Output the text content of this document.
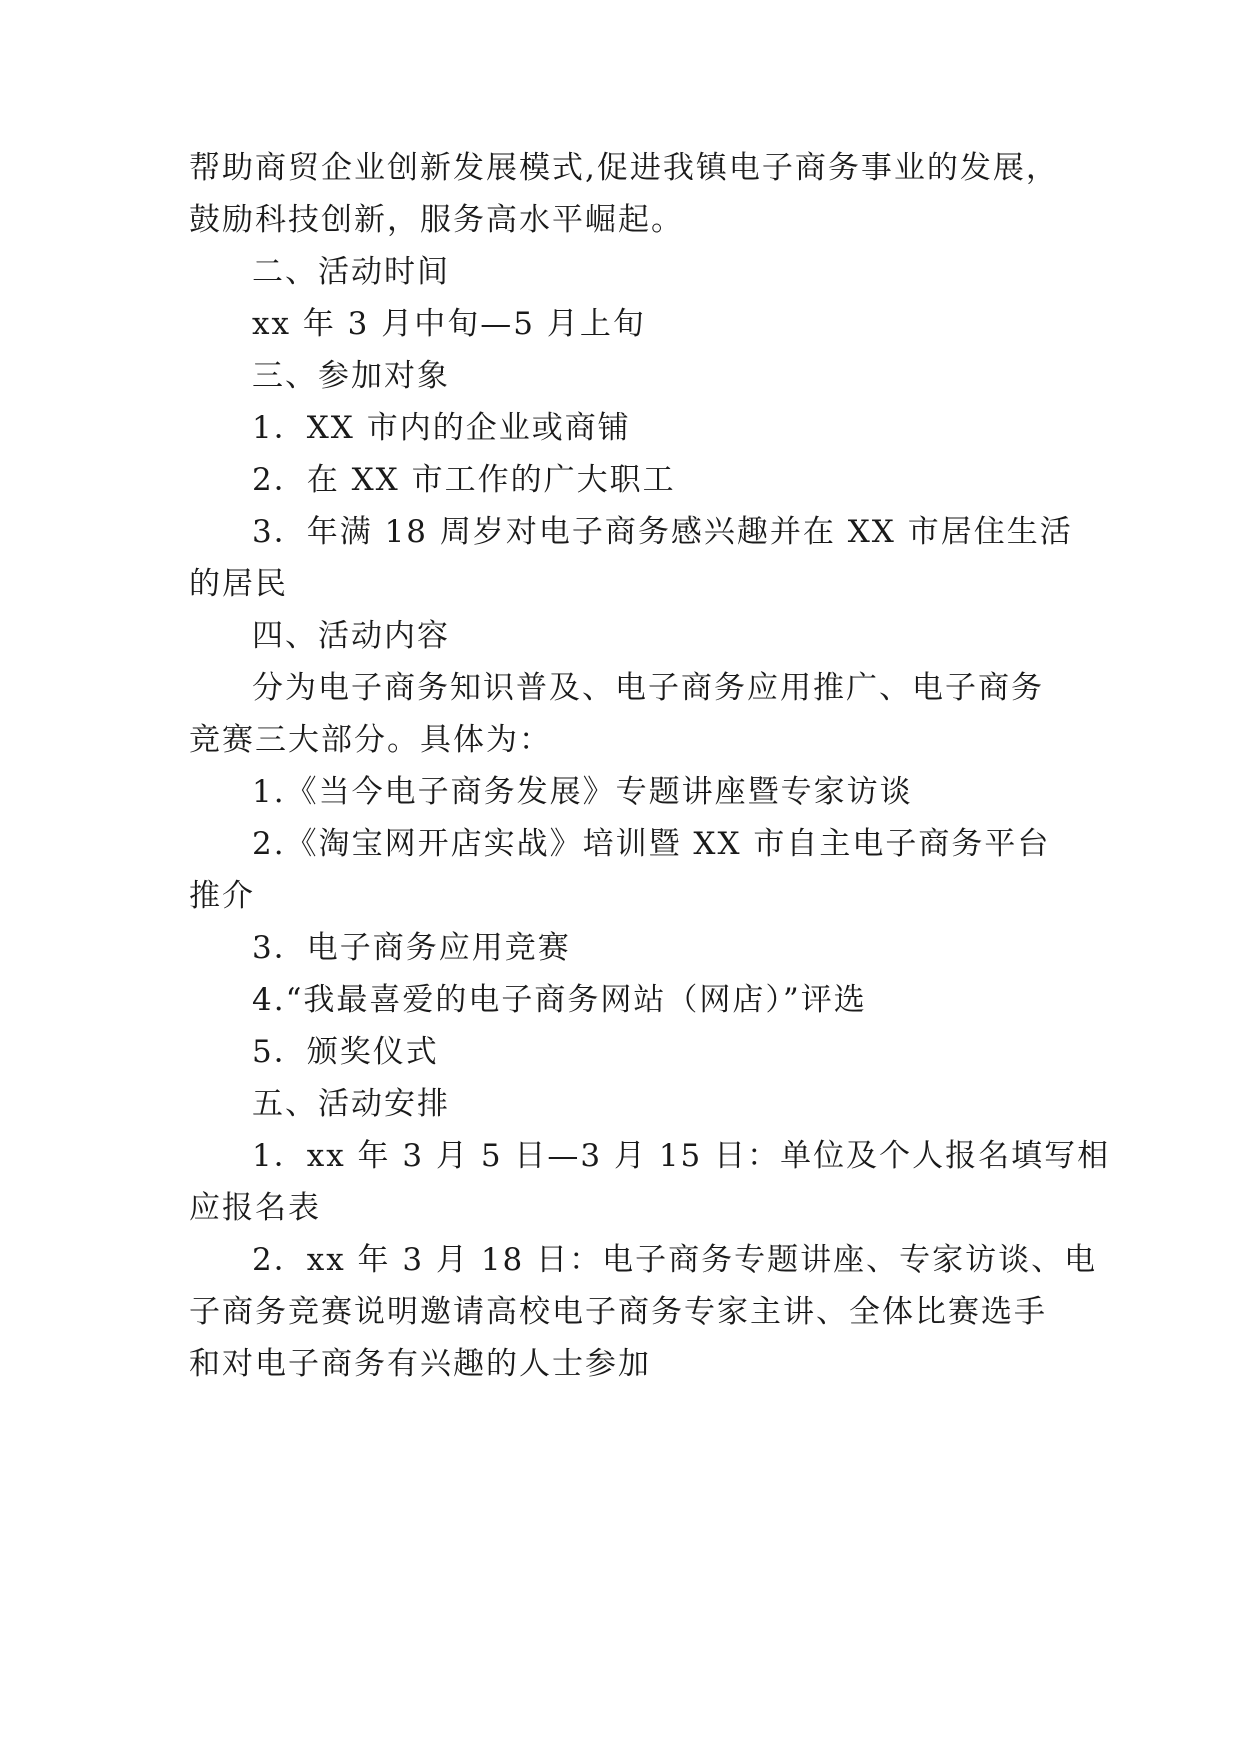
帮助商贸企业创新发展模式,促进我镇电子商务事业的发展，
鼓励科技创新，服务高水平崛起。
二、活动时间
xx 年 3 月中旬—5 月上旬
三、参加对象
1．XX 市内的企业或商铺
2．在 XX 市工作的广大职工
3．年满 18 周岁对电子商务感兴趣并在 XX 市居住生活
的居民
四、活动内容
分为电子商务知识普及、电子商务应用推广、电子商务
竞赛三大部分。具体为：
1.《当今电子商务发展》专题讲座暨专家访谈
2.《淘宝网开店实战》培训暨 XX 市自主电子商务平台
推介
3．电子商务应用竞赛
4.“我最喜爱的电子商务网站（网店）”评选
5．颁奖仪式
五、活动安排
1．xx 年 3 月 5 日—3 月 15 日：单位及个人报名填写相
应报名表
2．xx 年 3 月 18 日：电子商务专题讲座、专家访谈、电
子商务竞赛说明邀请高校电子商务专家主讲、全体比赛选手
和对电子商务有兴趣的人士参加
